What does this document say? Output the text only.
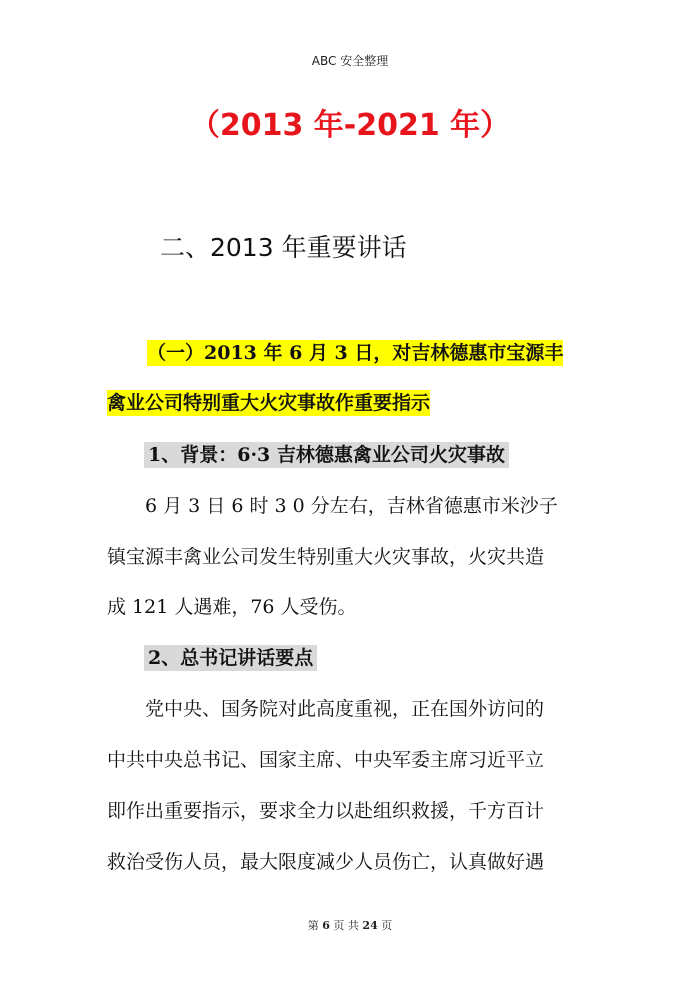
ABC 安全整理
（2013 年-2021 年）
二、2013 年重要讲话
（一）2013 年 6 月 3 日，对吉林德惠市宝源丰
禽业公司特别重大火灾事故作重要指示
1、背景：6·3 吉林德惠禽业公司火灾事故
6 月 3 日 6 时 3 0 分左右，吉林省德惠市米沙子
镇宝源丰禽业公司发生特别重大火灾事故，火灾共造
成 121 人遇难，76 人受伤。
2、总书记讲话要点
党中央、国务院对此高度重视，正在国外访问的
中共中央总书记、国家主席、中央军委主席习近平立
即作出重要指示，要求全力以赴组织救援，千方百计
救治受伤人员，最大限度减少人员伤亡，认真做好遇
第 6 页 共 24 页
